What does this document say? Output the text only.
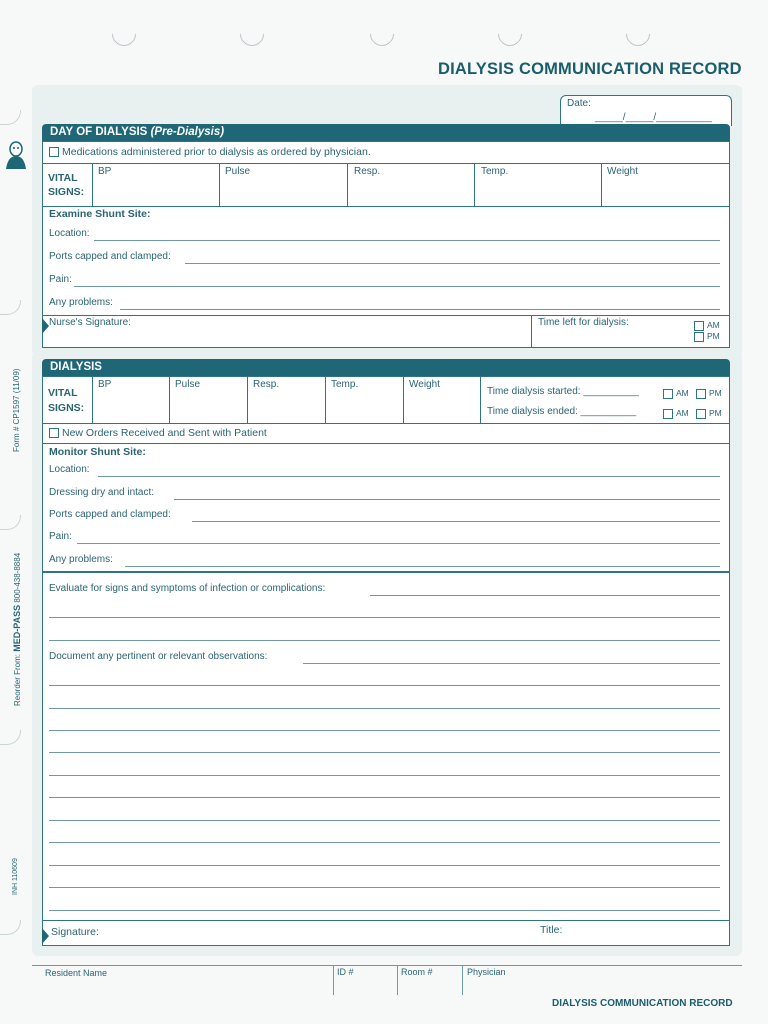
Form # CP1597 (11/09)
Reorder From: MED-PASS 800-438-8884
INH 110609
DIALYSIS COMMUNICATION RECORD
Date:
_____/_____/__________
DAY OF DIALYSIS (Pre-Dialysis)
Medications administered prior to dialysis as ordered by physician.
VITAL SIGNS:
BP	Pulse	Resp.	Temp.	Weight
Examine Shunt Site:
Location:
Ports capped and clamped:
Pain:
Any problems:
Nurse's Signature:	Time left for dialysis:	AM
PM
DIALYSIS
VITAL SIGNS:
BP	Pulse	Resp.	Temp.	Weight
Time dialysis started: __________	AM	PM
Time dialysis ended: __________	AM	PM
New Orders Received and Sent with Patient
Monitor Shunt Site:
Location:
Dressing dry and intact:
Ports capped and clamped:
Pain:
Any problems:
Evaluate for signs and symptoms of infection or complications:
Document any pertinent or relevant observations:
Signature:	Title:
Resident Name	ID #	Room #	Physician
DIALYSIS COMMUNICATION RECORD
